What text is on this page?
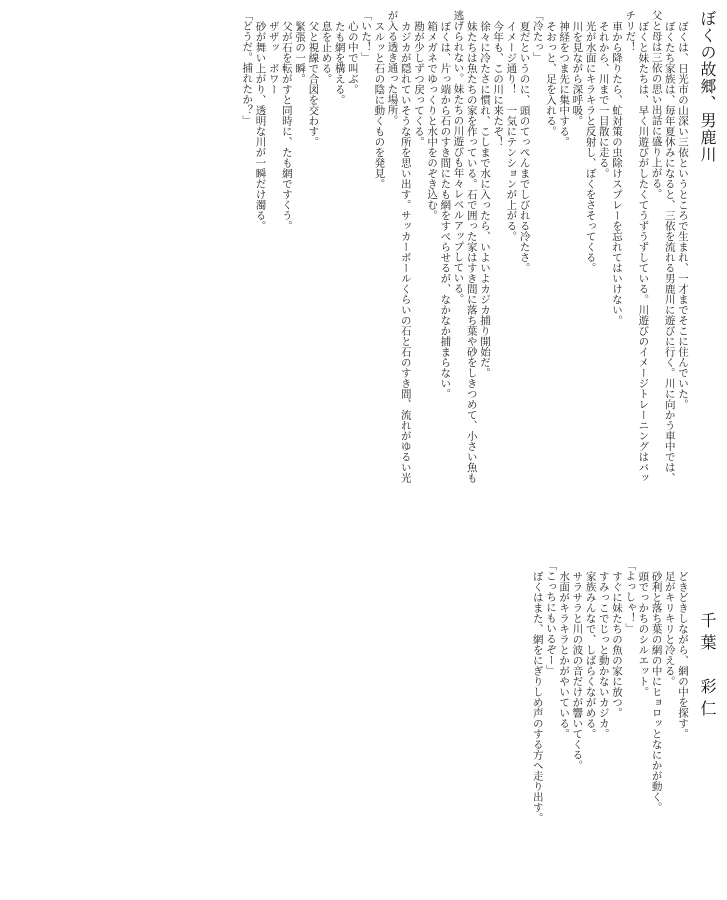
ぼくの故郷、男鹿川
千葉　彩仁
ぼくは、日光市の山深い三依というところで生まれ、一才までそこに住んでいた。
ぼくたち家族は、毎年夏休みになると、三依を流れる男鹿川に遊びに行く。川に向かう車中では、
父と母は三依の思い出話に盛り上がる。
ぼくと妹たちは、早く川遊びがしたくてうずうずしている。川遊びのイメージトレーニングはバッ
チリだ！
車から降りたら、虻対策の虫除けスプレーを忘れてはいけない。
それから、川まで一目散に走る。
光が水面にキラキラと反射し、ぼくをさそってくる。
川を見ながら深呼吸。
神経をつま先に集中する。
そおっと、足を入れる。
「冷たっ」
夏だというのに、頭のてっぺんまでしびれる冷たさ。
イメージ通り！　一気にテンションが上がる。
今年も、この川に来たぞ！
徐々に冷たさに慣れ、こしまで水に入ったら、いよいよカジカ捕り開始だ。
妹たちは魚たちの家を作っている。石で囲った家はすき間に落ち葉や砂をしきつめて、小さい魚も
逃げられない。妹たちの川遊びも年々レベルアップしている。
ぼくは、片っ端から石のすき間にたも網をすべらせるが、なかなか捕まらない。
箱メガネでゆっくりと水中をのぞき込む。
勘が少しずつ戻ってくる。
カジカが隠れていそうな所を思い出す。サッカーボールくらいの石と石のすき間、流れがゆるい光
が入る透き通った場所。
スルッと石の陰に動くものを発見。
「いた！」
心の中で叫ぶ。
たも網を構える。
息を止める。
父と視線で合図を交わす。
緊張の一瞬。
父が石を転がすと同時に、たも網ですくう。
ザザッ　ボワー
砂が舞い上がり、透明な川が一瞬だけ濁る。
「どうだ。捕れたか？」
どきどきしながら、網の中を探す。
足がキリキリと冷える。
砂利と落ち葉の網の中にヒョロッとなにかが動く。
頭でっかちのシルエット。
「よっしゃ！」
すぐに妹たちの魚の家に放つ。
すみっこでじっと動かないカジカ。
家族みんなで、しばらくながめる。
サラサラと川の波の音だけが響いてくる。
水面がキラキラとかがやいている。
「こっちにもいるぞー」
ぼくはまた、網をにぎりしめ声のする方へ走り出す。
